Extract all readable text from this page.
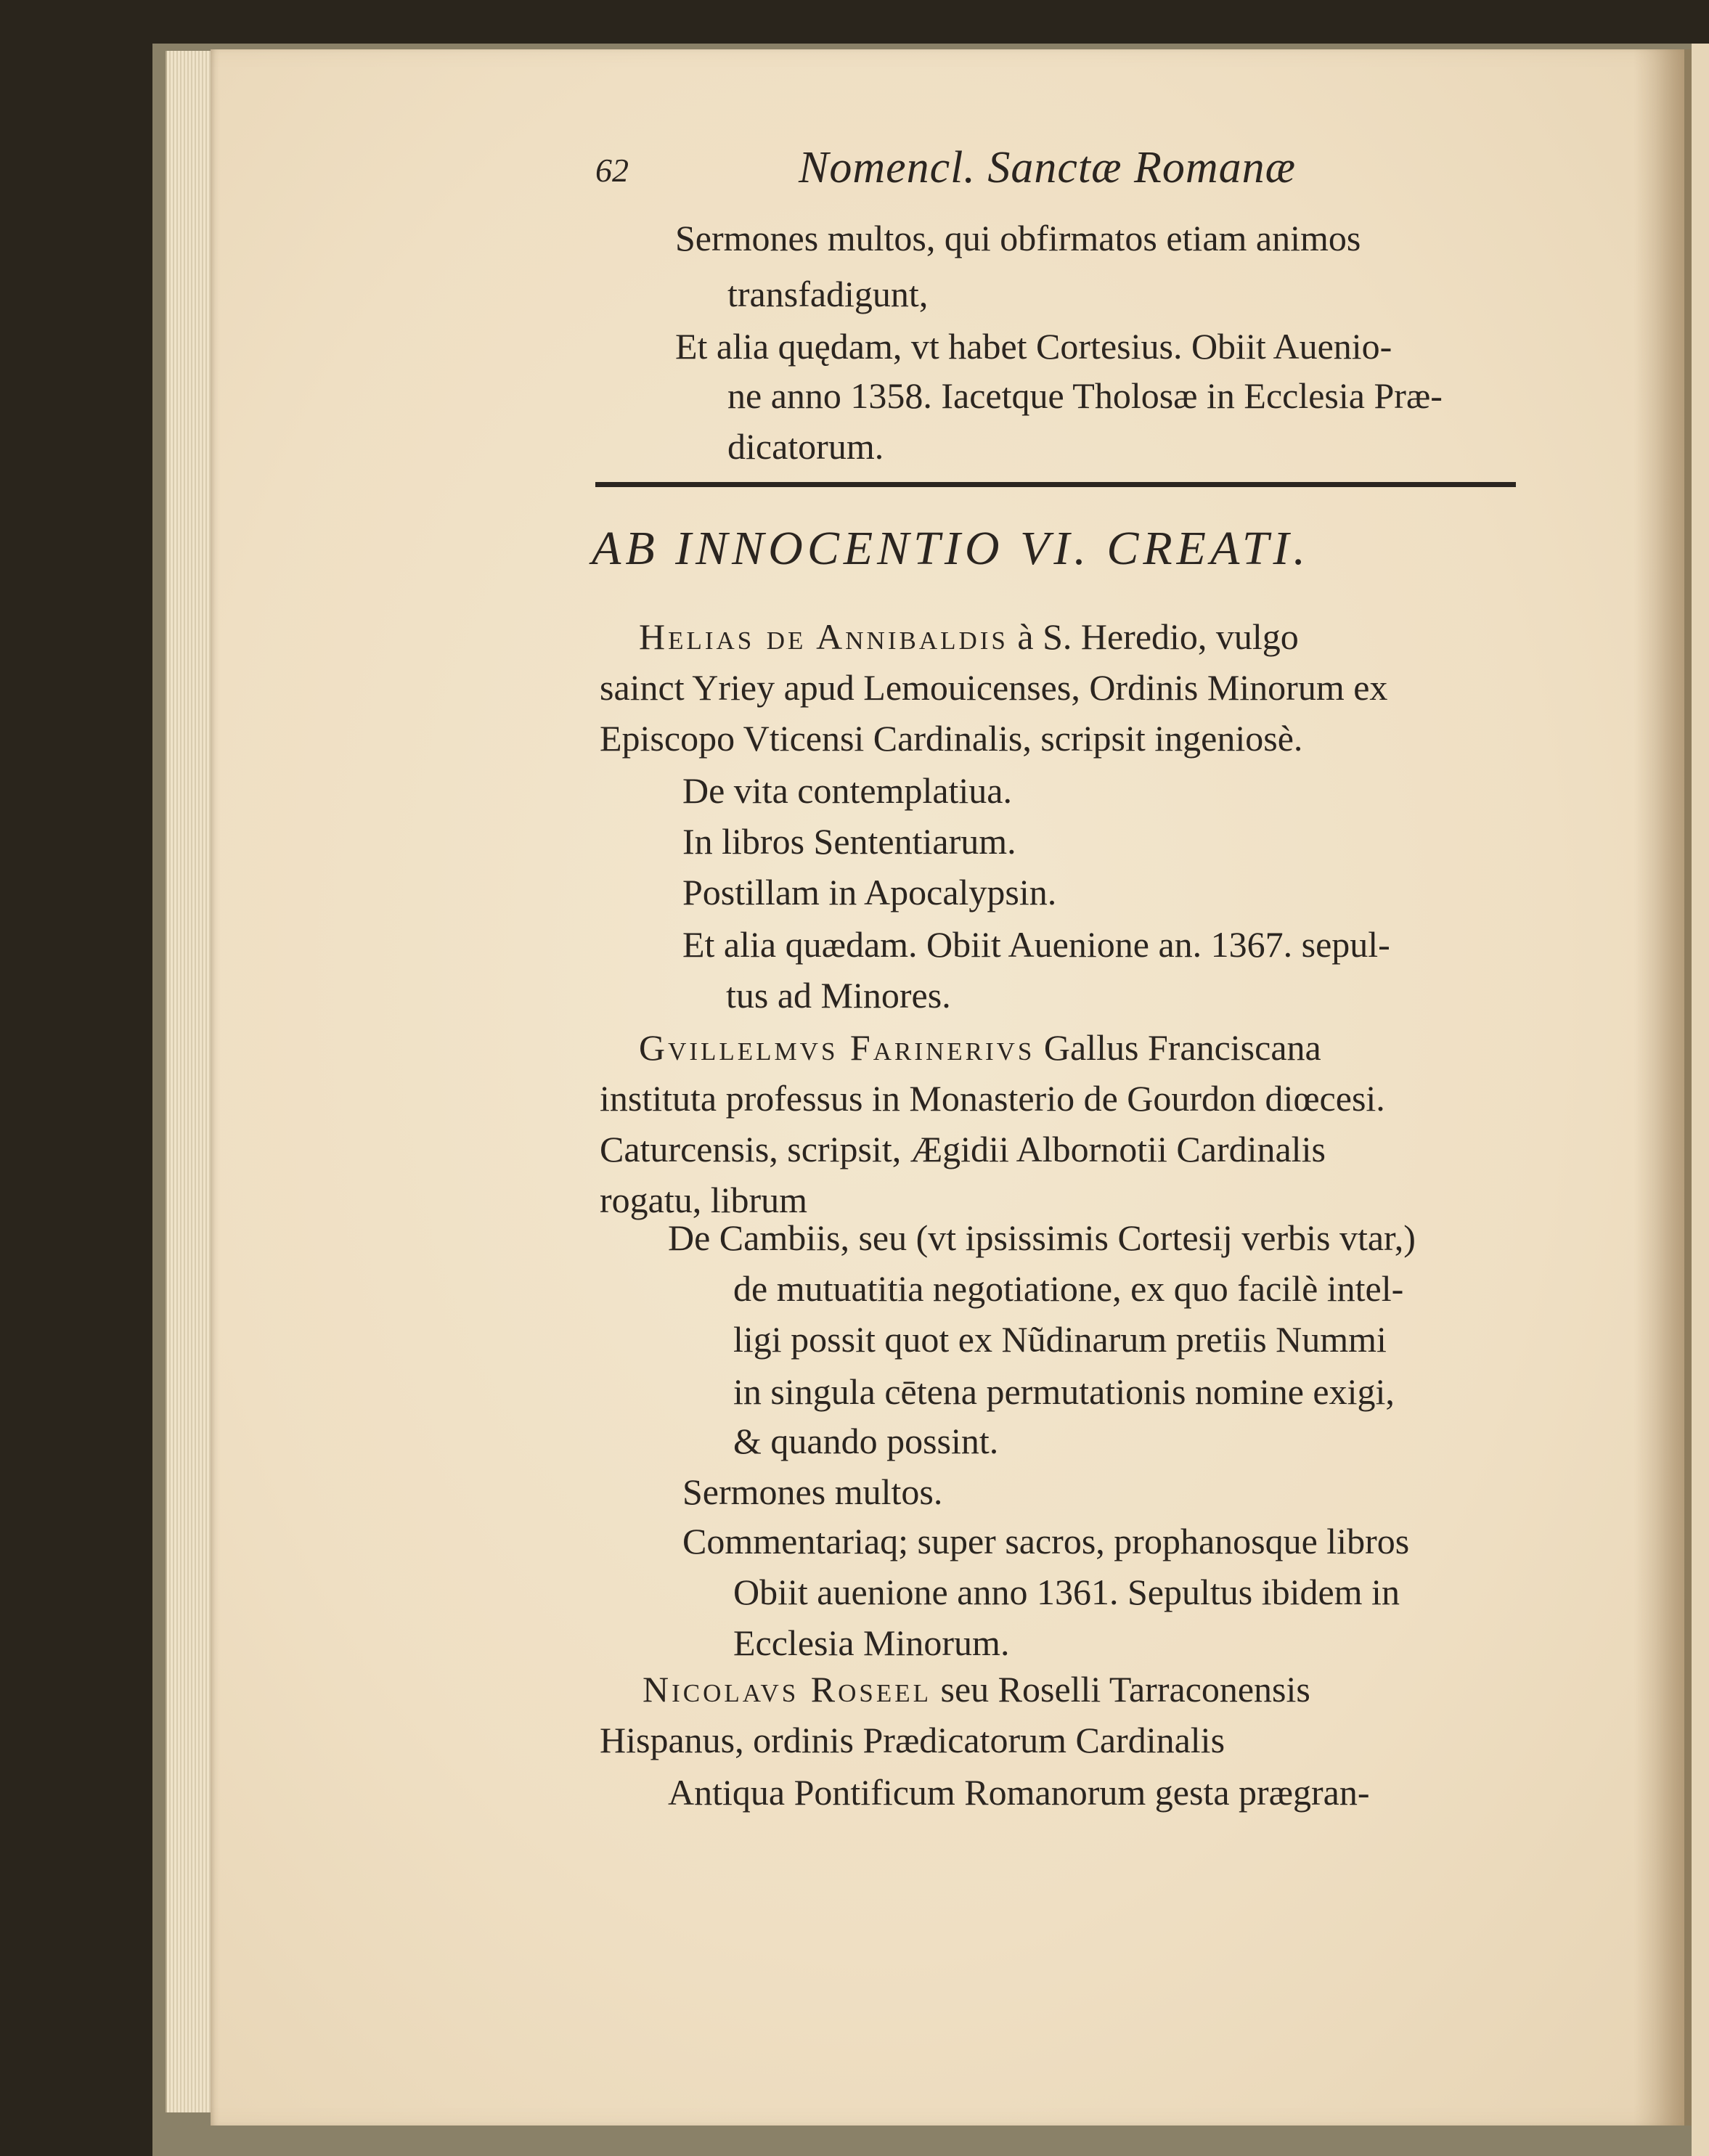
62	Nomencl. Sanctæ Romanæ
Sermones multos, qui obfirmatos etiam animos
transfadigunt,
Et alia quędam, vt habet Cortesius. Obiit Auenio-
ne anno 1358. Iacetque Tholosæ in Ecclesia Præ-
dicatorum.
AB INNOCENTIO VI. CREATI.
Helias de Annibaldis à S. Heredio, vulgo
sainct Yriey apud Lemouicenses, Ordinis Minorum ex
Episcopo Vticensi Cardinalis, scripsit ingeniosè.
De vita contemplatiua.
In libros Sententiarum.
Postillam in Apocalypsin.
Et alia quædam. Obiit Auenione an. 1367. sepul-
tus ad Minores.
Gvillelmvs Farinerivs Gallus Franciscana
instituta professus in Monasterio de Gourdon diœcesi.
Caturcensis, scripsit, Ægidii Albornotii Cardinalis
rogatu, librum
De Cambiis, seu (vt ipsissimis Cortesij verbis vtar,)
de mutuatitia negotiatione, ex quo facilè intel-
ligi possit quot ex Nũdinarum pretiis Nummi
in singula cētena permutationis nomine exigi,
& quando possint.
Sermones multos.
Commentariaq; super sacros, prophanosque libros
Obiit auenione anno 1361. Sepultus ibidem in
Ecclesia Minorum.
Nicolavs Roseel seu Roselli Tarraconensis
Hispanus, ordinis Prædicatorum Cardinalis
Antiqua Pontificum Romanorum gesta prægran-
